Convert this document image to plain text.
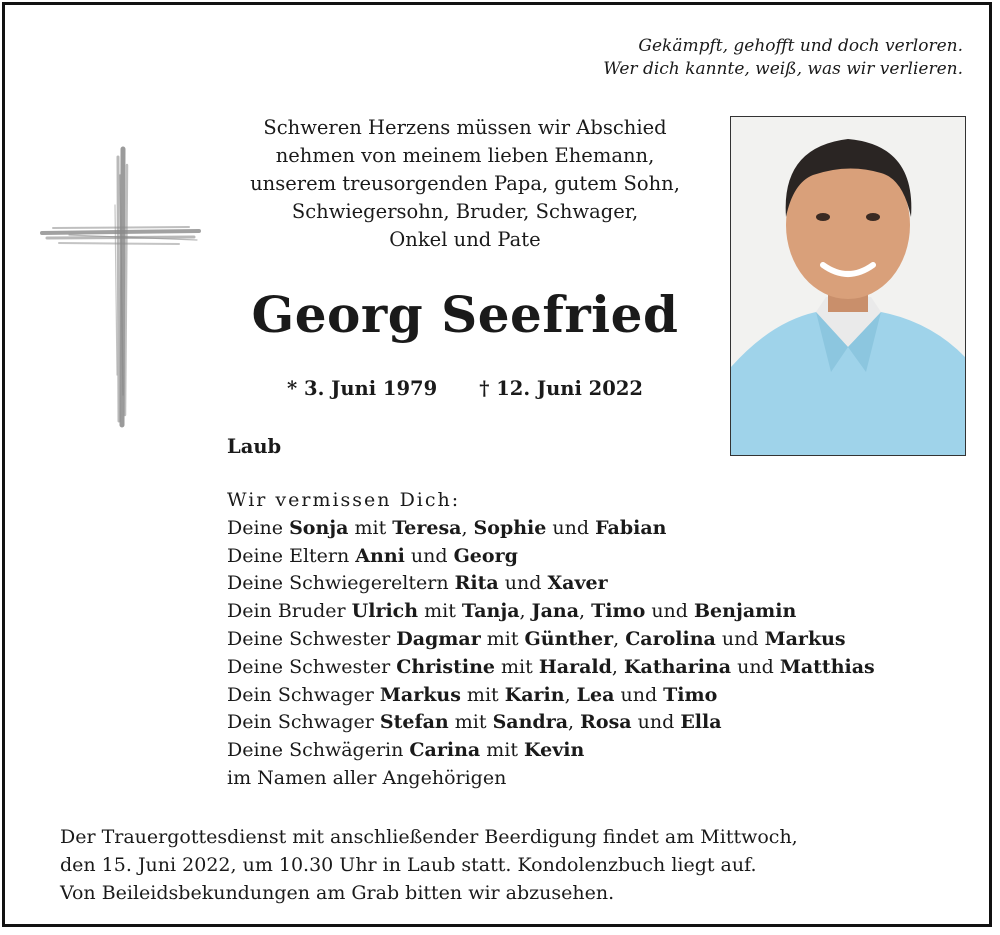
Gekämpft, gehofft und doch verloren.
Wer dich kannte, weiß, was wir verlieren.
Schweren Herzens müssen wir Abschied
nehmen von meinem lieben Ehemann,
unserem treusorgenden Papa, gutem Sohn,
Schwiegersohn, Bruder, Schwager,
Onkel und Pate
Georg Seefried
* 3. Juni 1979 † 12. Juni 2022
Laub
Wir vermissen Dich:
Deine Sonja mit Teresa, Sophie und Fabian
Deine Eltern Anni und Georg
Deine Schwiegereltern Rita und Xaver
Dein Bruder Ulrich mit Tanja, Jana, Timo und Benjamin
Deine Schwester Dagmar mit Günther, Carolina und Markus
Deine Schwester Christine mit Harald, Katharina und Matthias
Dein Schwager Markus mit Karin, Lea und Timo
Dein Schwager Stefan mit Sandra, Rosa und Ella
Deine Schwägerin Carina mit Kevin
im Namen aller Angehörigen
Der Trauergottesdienst mit anschließender Beerdigung findet am Mittwoch,
den 15. Juni 2022, um 10.30 Uhr in Laub statt. Kondolenzbuch liegt auf.
Von Beileidsbekundungen am Grab bitten wir abzusehen.
